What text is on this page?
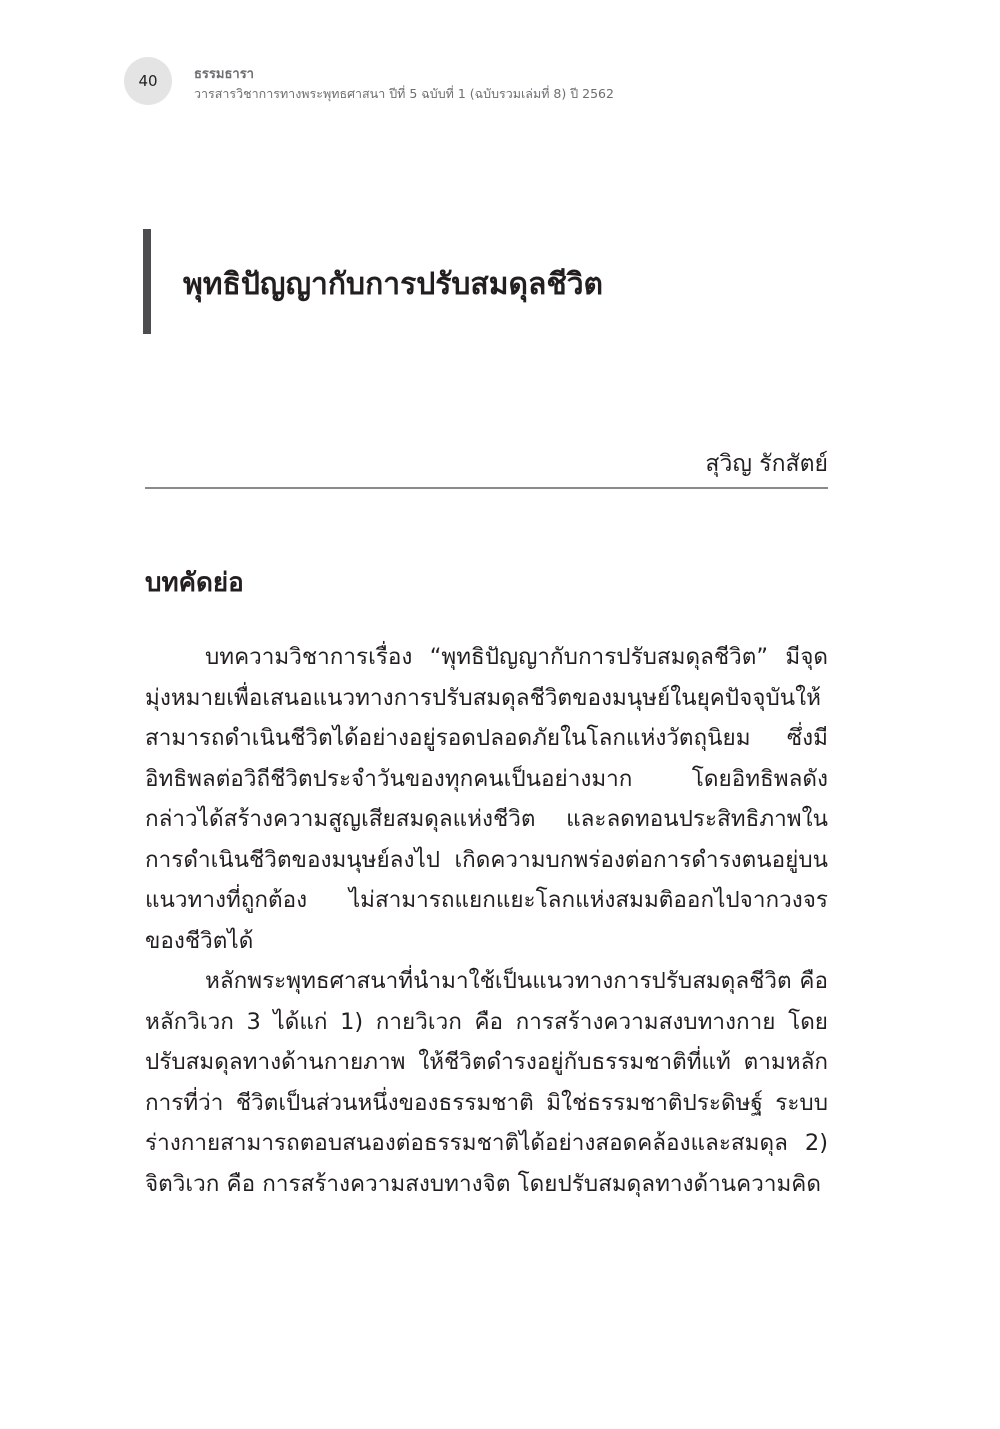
40	ธรรมธารา
วารสารวิชาการทางพระพุทธศาสนา ปีที่ 5 ฉบับที่ 1 (ฉบับรวมเล่มที่ 8) ปี 2562
พุทธิปัญญากับการปรับสมดุลชีวิต
สุวิญ รักสัตย์
บทคัดย่อ

บทความวิชาการเรื่อง “พุทธิปัญญากับการปรับสมดุลชีวิต” มีจุดมุ่งหมายเพื่อเสนอแนวทางการปรับสมดุลชีวิตของมนุษย์ในยุคปัจจุบันให้สามารถดำเนินชีวิตได้อย่างอยู่รอดปลอดภัยในโลกแห่งวัตถุนิยม ซึ่งมีอิทธิพลต่อวิถีชีวิตประจำวันของทุกคนเป็นอย่างมาก โดยอิทธิพลดังกล่าวได้สร้างความสูญเสียสมดุลแห่งชีวิต และลดทอนประสิทธิภาพในการดำเนินชีวิตของมนุษย์ลงไป เกิดความบกพร่องต่อการดำรงตนอยู่บนแนวทางที่ถูกต้อง ไม่สามารถแยกแยะโลกแห่งสมมติออกไปจากวงจรของชีวิตได้

หลักพระพุทธศาสนาที่นำมาใช้เป็นแนวทางการปรับสมดุลชีวิต คือ หลักวิเวก 3 ได้แก่ 1) กายวิเวก คือ การสร้างความสงบทางกาย โดยปรับสมดุลทางด้านกายภาพ ให้ชีวิตดำรงอยู่กับธรรมชาติที่แท้ ตามหลักการที่ว่า ชีวิตเป็นส่วนหนึ่งของธรรมชาติ มิใช่ธรรมชาติประดิษฐ์ ระบบร่างกายสามารถตอบสนองต่อธรรมชาติได้อย่างสอดคล้องและสมดุล 2) จิตวิเวก คือ การสร้างความสงบทางจิต โดยปรับสมดุลทางด้านความคิด
